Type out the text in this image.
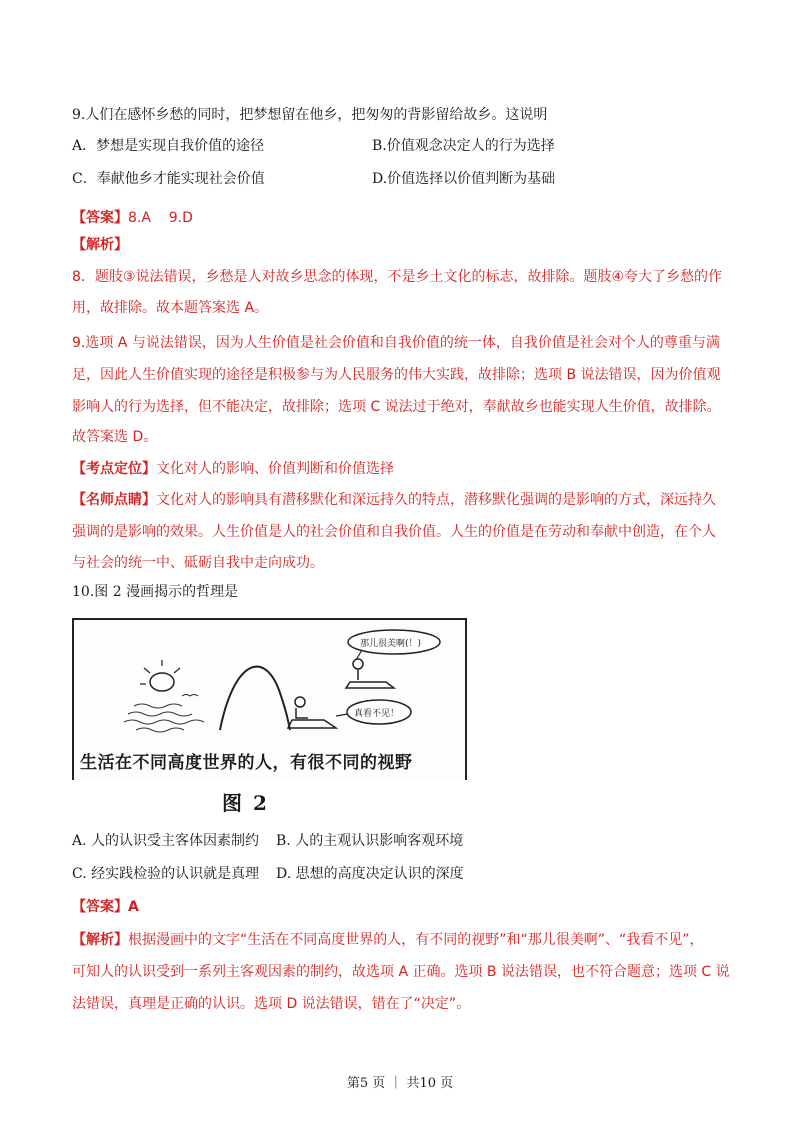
9.人们在感怀乡愁的同时，把梦想留在他乡，把匆匆的背影留给故乡。这说明
A．梦想是实现自我价值的途径	B.价值观念决定人的行为选择
C．奉献他乡才能实现社会价值	D.价值选择以价值判断为基础
【答案】8.A    9.D
【解析】
8．题肢③说法错误，乡愁是人对故乡思念的体现，不是乡土文化的标志，故排除。题肢④夸大了乡愁的作
用，故排除。故本题答案选 A。
9.选项 A 与说法错误，因为人生价值是社会价值和自我价值的统一体，自我价值是社会对个人的尊重与满
足，因此人生价值实现的途径是积极参与为人民服务的伟大实践，故排除；选项 B 说法错误，因为价值观
影响人的行为选择，但不能决定，故排除；选项 C 说法过于绝对，奉献故乡也能实现人生价值，故排除。
故答案选 D。
【考点定位】文化对人的影响、价值判断和价值选择
【名师点睛】文化对人的影响具有潜移默化和深远持久的特点，潜移默化强调的是影响的方式，深远持久
强调的是影响的效果。人生价值是人的社会价值和自我价值。人生的价值是在劳动和奉献中创造，在个人
与社会的统一中、砥砺自我中走向成功。
10.图 2 漫画揭示的哲理是
那儿很美啊(！)
真看不见！
生活在不同高度世界的人，有很不同的视野
图 2
A. 人的认识受主客体因素制约 B. 人的主观认识影响客观环境
C. 经实践检验的认识就是真理 D. 思想的高度决定认识的深度
【答案】A
【解析】根据漫画中的文字“生活在不同高度世界的人，有不同的视野”和“那儿很美啊”、“我看不见”，
可知人的认识受到一系列主客观因素的制约，故选项 A 正确。选项 B 说法错误，也不符合题意；选项 C 说
法错误，真理是正确的认识。选项 D 说法错误，错在了“决定”。
第5 页 ｜ 共10 页
